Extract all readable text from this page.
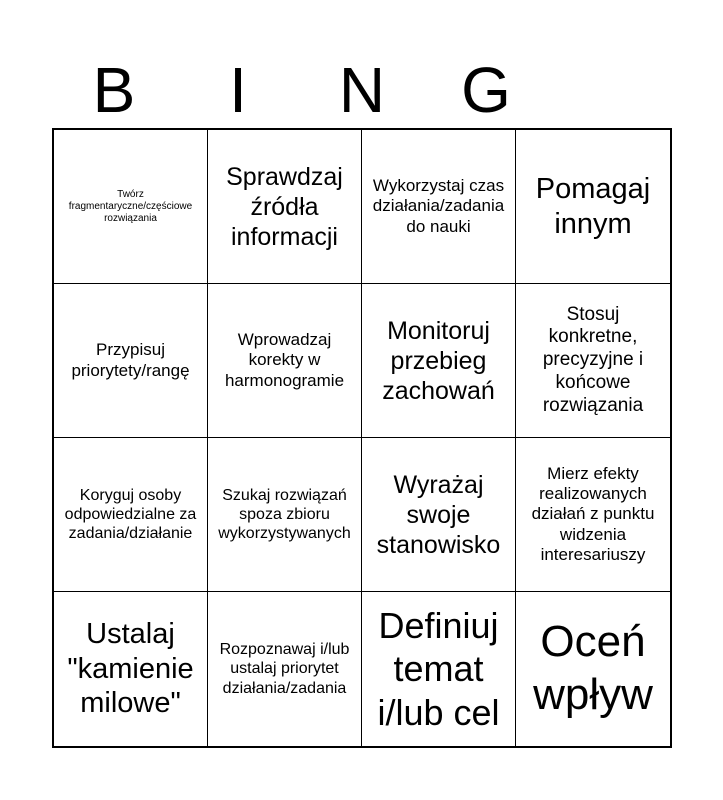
B	I	N	G
Twórz fragmentaryczne/częściowe rozwiązania
Sprawdzaj źródła informacji
Wykorzystaj czas działania/zadania do nauki
Pomagaj innym
Przypisuj priorytety/rangę
Wprowadzaj korekty w harmonogramie
Monitoruj przebieg zachowań
Stosuj konkretne, precyzyjne i końcowe rozwiązania
Koryguj osoby odpowiedzialne za zadania/działanie
Szukaj rozwiązań spoza zbioru wykorzystywanych
Wyrażaj swoje stanowisko
Mierz efekty realizowanych działań z punktu widzenia interesariuszy
Ustalaj "kamienie milowe"
Rozpoznawaj i/lub ustalaj priorytet działania/zadania
Definiuj temat i/lub cel
Oceń wpływ
